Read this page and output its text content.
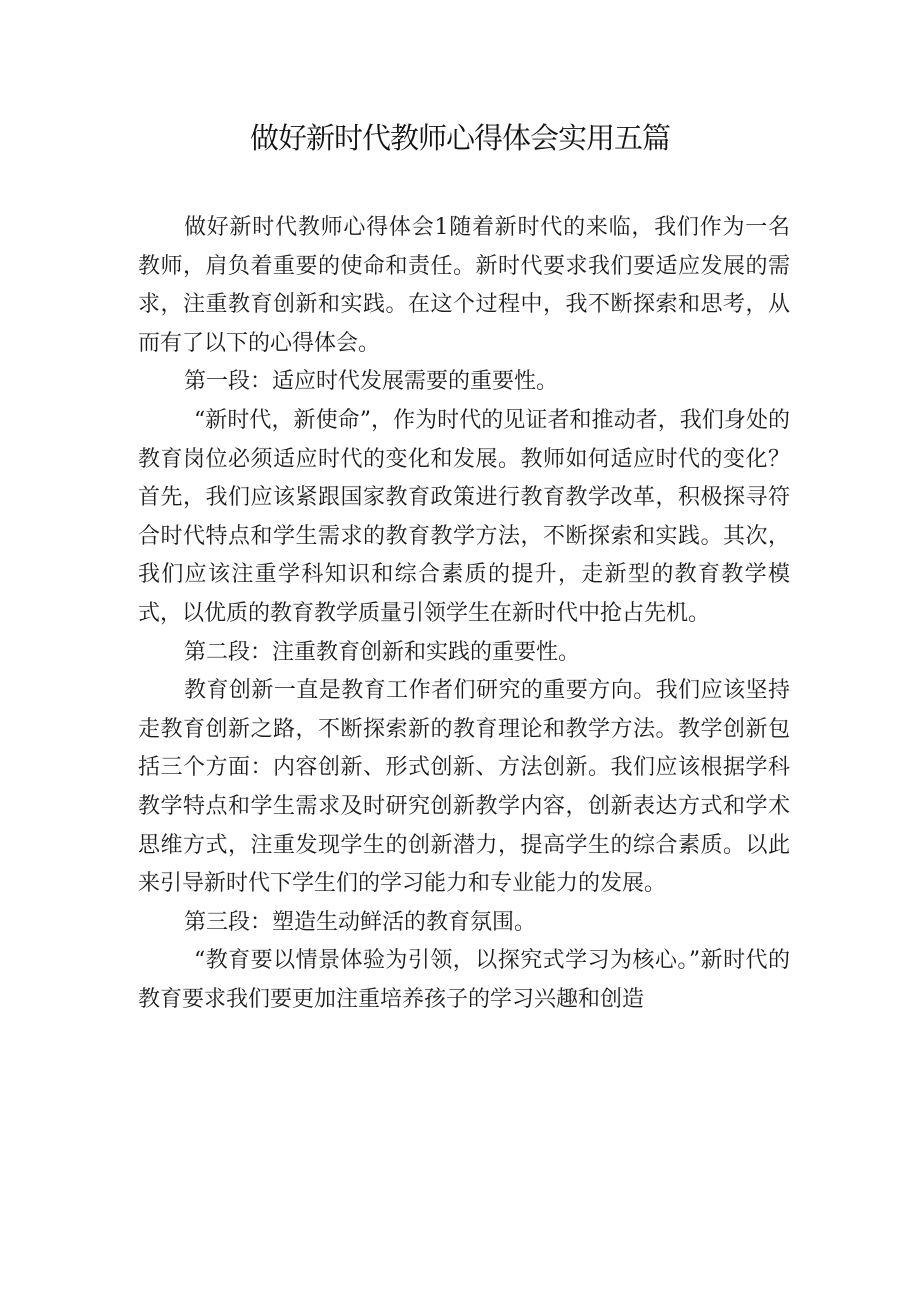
做好新时代教师心得体会实用五篇

做好新时代教师心得体会1随着新时代的来临，我们作为一名教师，肩负着重要的使命和责任。新时代要求我们要适应发展的需求，注重教育创新和实践。在这个过程中，我不断探索和思考，从而有了以下的心得体会。

第一段：适应时代发展需要的重要性。

“新时代，新使命”，作为时代的见证者和推动者，我们身处的教育岗位必须适应时代的变化和发展。教师如何适应时代的变化？首先，我们应该紧跟国家教育政策进行教育教学改革，积极探寻符合时代特点和学生需求的教育教学方法，不断探索和实践。其次，我们应该注重学科知识和综合素质的提升，走新型的教育教学模式，以优质的教育教学质量引领学生在新时代中抢占先机。

第二段：注重教育创新和实践的重要性。

教育创新一直是教育工作者们研究的重要方向。我们应该坚持走教育创新之路，不断探索新的教育理论和教学方法。教学创新包括三个方面：内容创新、形式创新、方法创新。我们应该根据学科教学特点和学生需求及时研究创新教学内容，创新表达方式和学术思维方式，注重发现学生的创新潜力，提高学生的综合素质。以此来引导新时代下学生们的学习能力和专业能力的发展。

第三段：塑造生动鲜活的教育氛围。

“教育要以情景体验为引领，以探究式学习为核心。”新时代的教育要求我们要更加注重培养孩子的学习兴趣和创造
